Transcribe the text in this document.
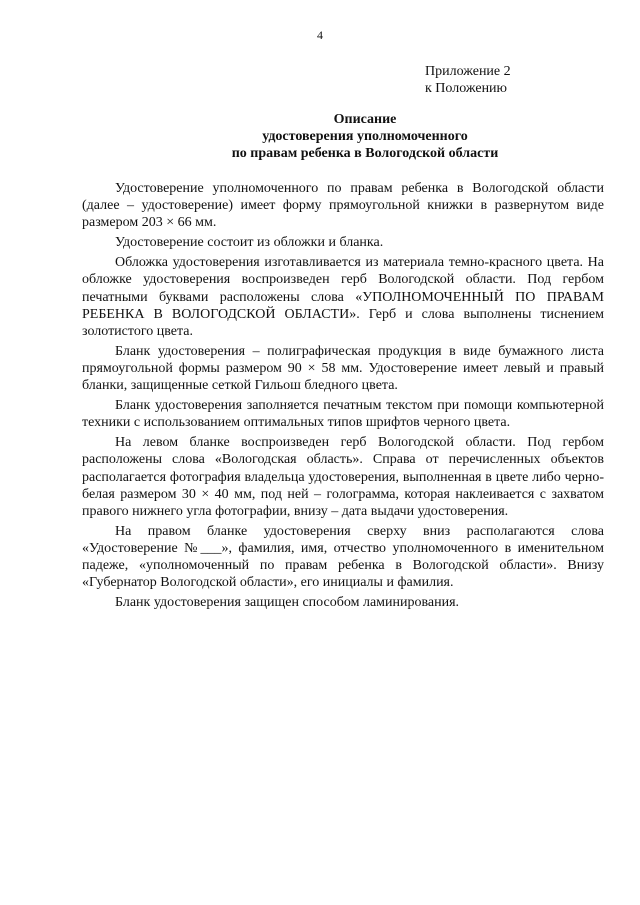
4
Приложение 2
к Положению
Описание
удостоверения уполномоченного
по правам ребенка в Вологодской области

Удостоверение уполномоченного по правам ребенка в Вологодской области (далее – удостоверение) имеет форму прямоугольной книжки в развернутом виде размером 203 × 66 мм.

Удостоверение состоит из обложки и бланка.

Обложка удостоверения изготавливается из материала темно-красного цвета. На обложке удостоверения воспроизведен герб Вологодской области. Под гербом печатными буквами расположены слова «УПОЛНОМОЧЕННЫЙ ПО ПРАВАМ РЕБЕНКА В ВОЛОГОДСКОЙ ОБЛАСТИ». Герб и слова выполнены тиснением золотистого цвета.

Бланк удостоверения – полиграфическая продукция в виде бумажного листа прямоугольной формы размером 90 × 58 мм. Удостоверение имеет левый и правый бланки, защищенные сеткой Гильош бледного цвета.

Бланк удостоверения заполняется печатным текстом при помощи компьютерной техники с использованием оптимальных типов шрифтов черного цвета.

На левом бланке воспроизведен герб Вологодской области. Под гербом расположены слова «Вологодская область». Справа от перечисленных объектов располагается фотография владельца удостоверения, выполненная в цвете либо черно-белая размером 30 × 40 мм, под ней – голограмма, которая наклеивается с захватом правого нижнего угла фотографии, внизу – дата выдачи удостоверения.

На правом бланке удостоверения сверху вниз располагаются слова «Удостоверение №___», фамилия, имя, отчество уполномоченного в именительном падеже, «уполномоченный по правам ребенка в Вологодской области». Внизу «Губернатор Вологодской области», его инициалы и фамилия.

Бланк удостоверения защищен способом ламинирования.
